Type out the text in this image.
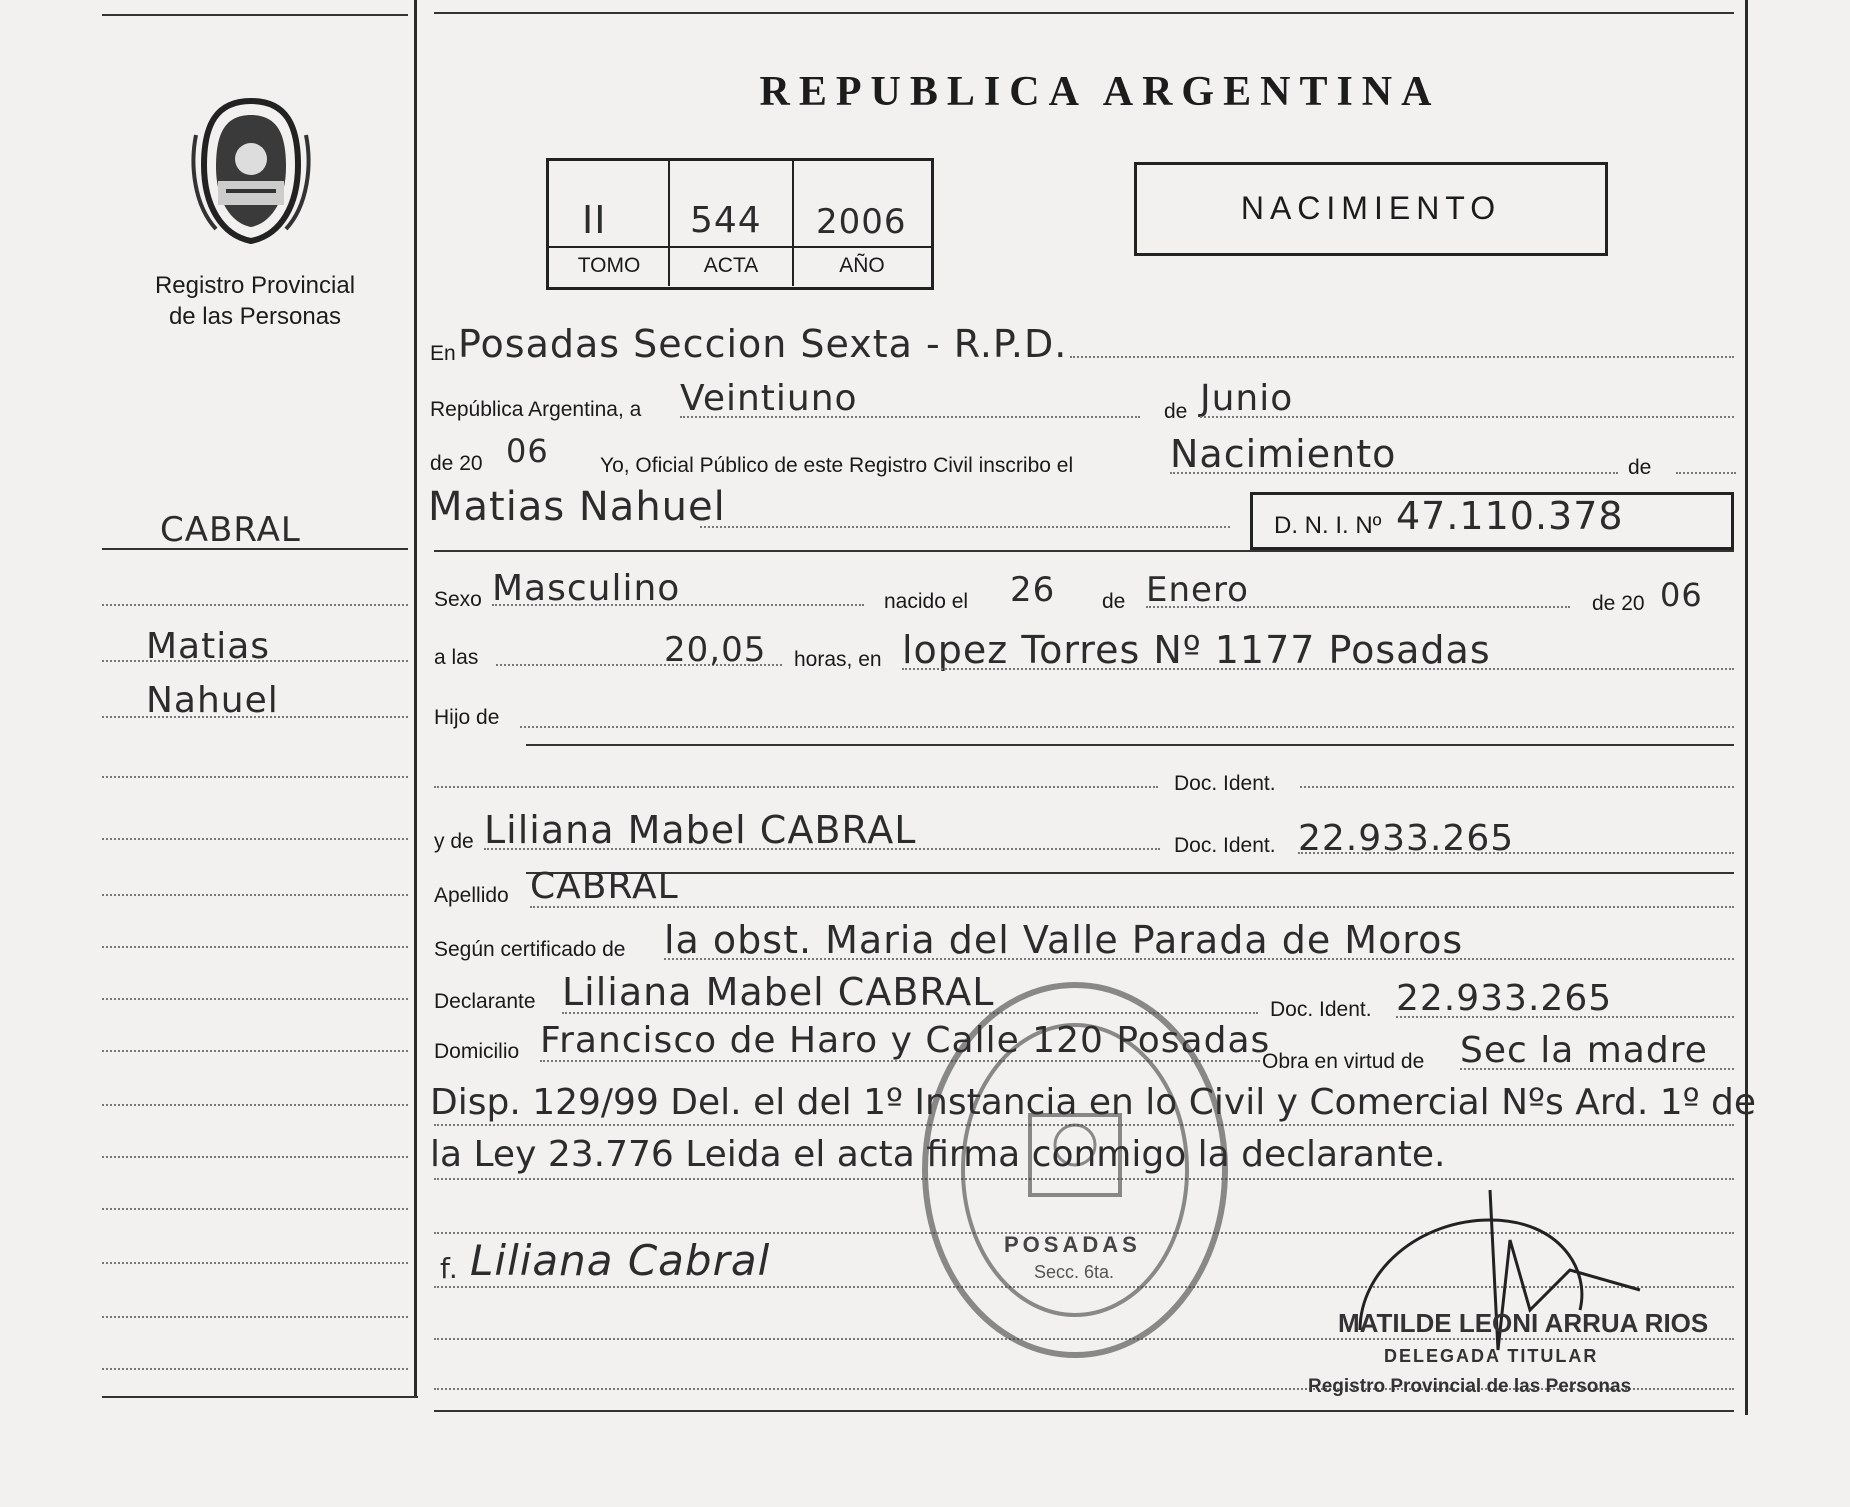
Registro Provincial
de las Personas
CABRAL
Matias
Nahuel
REPUBLICA ARGENTINA
II 544 2006
TOMO	ACTA	AÑO
NACIMIENTO
En Posadas Seccion Sexta - R.P.D.
República Argentina, a Veintiuno	de Junio
de 20 06 Yo, Oficial Público de este Registro Civil inscribo el	Nacimiento	de
Matias Nahuel	D. N. I. Nº 47.110.378
Sexo Masculino	nacido el 26 de Enero	de 20 06
a las	20,05 horas, en lopez Torres Nº 1177 Posadas
Hijo de
Doc. Ident.
y de Liliana Mabel CABRAL	Doc. Ident. 22.933.265
Apellido CABRAL
Según certificado de la obst. Maria del Valle Parada de Moros
Declarante Liliana Mabel CABRAL	Doc. Ident. 22.933.265
Domicilio Francisco de Haro y Calle 120 Posadas
Obra en virtud de Sec la madre
Disp. 129/99 Del. el del 1º Instancia en lo Civil y Comercial Nºs Ard. 1º de
la Ley 23.776 Leida el acta firma conmigo la declarante.
f. Liliana Cabral	POSADAS
Secc. 6ta.
MATILDE LEONI ARRUA RIOS
DELEGADA TITULAR
Registro Provincial de las Personas
